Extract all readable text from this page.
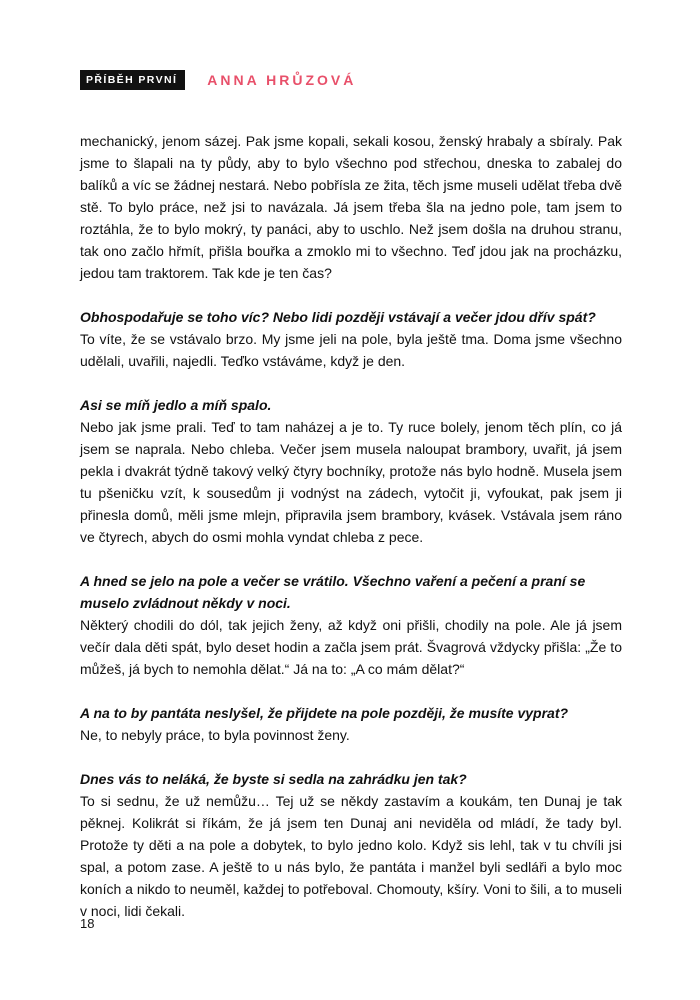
PŘÍBĚH PRVNÍ	ANNA HRŮZOVÁ

mechanický, jenom sázej. Pak jsme kopali, sekali kosou, ženský hrabaly a sbíraly. Pak jsme to šlapali na ty půdy, aby to bylo všechno pod střechou, dneska to zabalej do balíků a víc se žádnej nestará. Nebo pobřísla ze žita, těch jsme museli udělat třeba dvě stě. To bylo práce, než jsi to navázala. Já jsem třeba šla na jedno pole, tam jsem to roztáhla, že to bylo mokrý, ty panáci, aby to uschlo. Než jsem došla na druhou stranu, tak ono začlo hřmít, přišla bouřka a zmoklo mi to všechno. Teď jdou jak na procházku, jedou tam traktorem. Tak kde je ten čas?

Obhospodařuje se toho víc? Nebo lidi později vstávají a večer jdou dřív spát?

To víte, že se vstávalo brzo. My jsme jeli na pole, byla ještě tma. Doma jsme všechno udělali, uvařili, najedli. Teďko vstáváme, když je den.

Asi se míň jedlo a míň spalo.

Nebo jak jsme prali. Teď to tam naházej a je to. Ty ruce bolely, jenom těch plín, co já jsem se naprala. Nebo chleba. Večer jsem musela naloupat brambory, uvařit, já jsem pekla i dvakrát týdně takový velký čtyry bochníky, protože nás bylo hodně. Musela jsem tu pšeničku vzít, k sousedům ji vodnýst na zádech, vytočit ji, vyfoukat, pak jsem ji přinesla domů, měli jsme mlejn, připravila jsem brambory, kvásek. Vstávala jsem ráno ve čtyrech, abych do osmi mohla vyndat chleba z pece.

A hned se jelo na pole a večer se vrátilo. Všechno vaření a pečení a praní se muselo zvládnout někdy v noci.

Některý chodili do dól, tak jejich ženy, až když oni přišli, chodily na pole. Ale já jsem večír dala děti spát, bylo deset hodin a začla jsem prát. Švagrová vždycky přišla: „Že to můžeš, já bych to nemohla dělat.“ Já na to: „A co mám dělat?“

A na to by pantáta neslyšel, že přijdete na pole později, že musíte vyprat?

Ne, to nebyly práce, to byla povinnost ženy.

Dnes vás to neláká, že byste si sedla na zahrádku jen tak?

To si sednu, že už nemůžu… Tej už se někdy zastavím a koukám, ten Dunaj je tak pěknej. Kolikrát si říkám, že já jsem ten Dunaj ani neviděla od mládí, že tady byl. Protože ty děti a na pole a dobytek, to bylo jedno kolo. Když sis lehl, tak v tu chvíli jsi spal, a potom zase. A ještě to u nás bylo, že pantáta i manžel byli sedláři a bylo moc koních a nikdo to neuměl, každej to potřeboval. Chomouty, kšíry. Voni to šili, a to museli v noci, lidi čekali.

18
